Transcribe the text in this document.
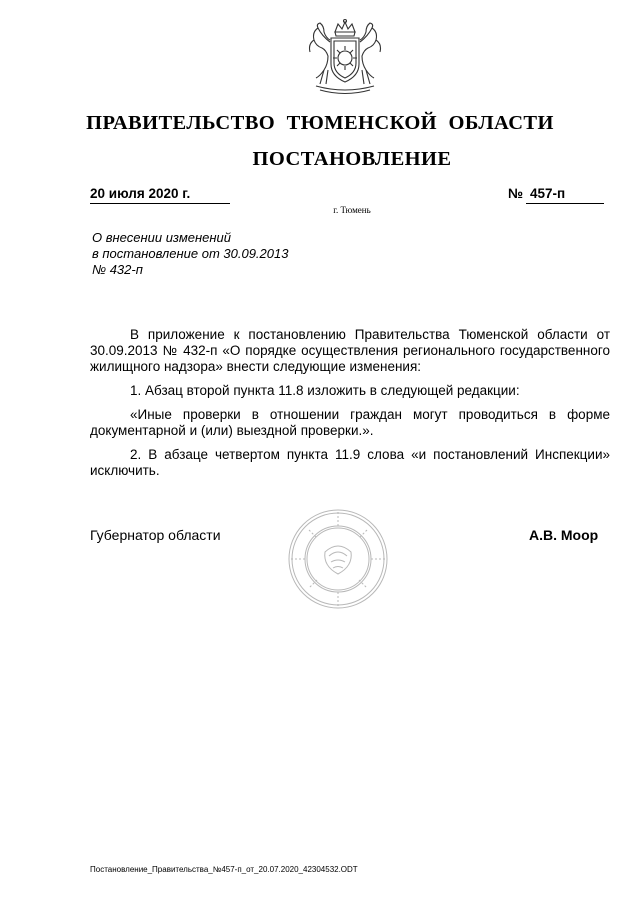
ПРАВИТЕЛЬСТВО ТЮМЕНСКОЙ ОБЛАСТИ
ПОСТАНОВЛЕНИЕ
20 июля 2020 г.	№ 457-п
г. Тюмень
О внесении изменений
в постановление от 30.09.2013
№ 432-п

В приложение к постановлению Правительства Тюменской области от 30.09.2013 № 432-п «О порядке осуществления регионального государственного жилищного надзора» внести следующие изменения:

1. Абзац второй пункта 11.8 изложить в следующей редакции:

«Иные проверки в отношении граждан могут проводиться в форме документарной и (или) выездной проверки.».

2. В абзаце четвертом пункта 11.9 слова «и постановлений Инспекции» исключить.

Губернатор области	А.В. Моор
Постановление_Правительства_№457-п_от_20.07.2020_42304532.ODT
